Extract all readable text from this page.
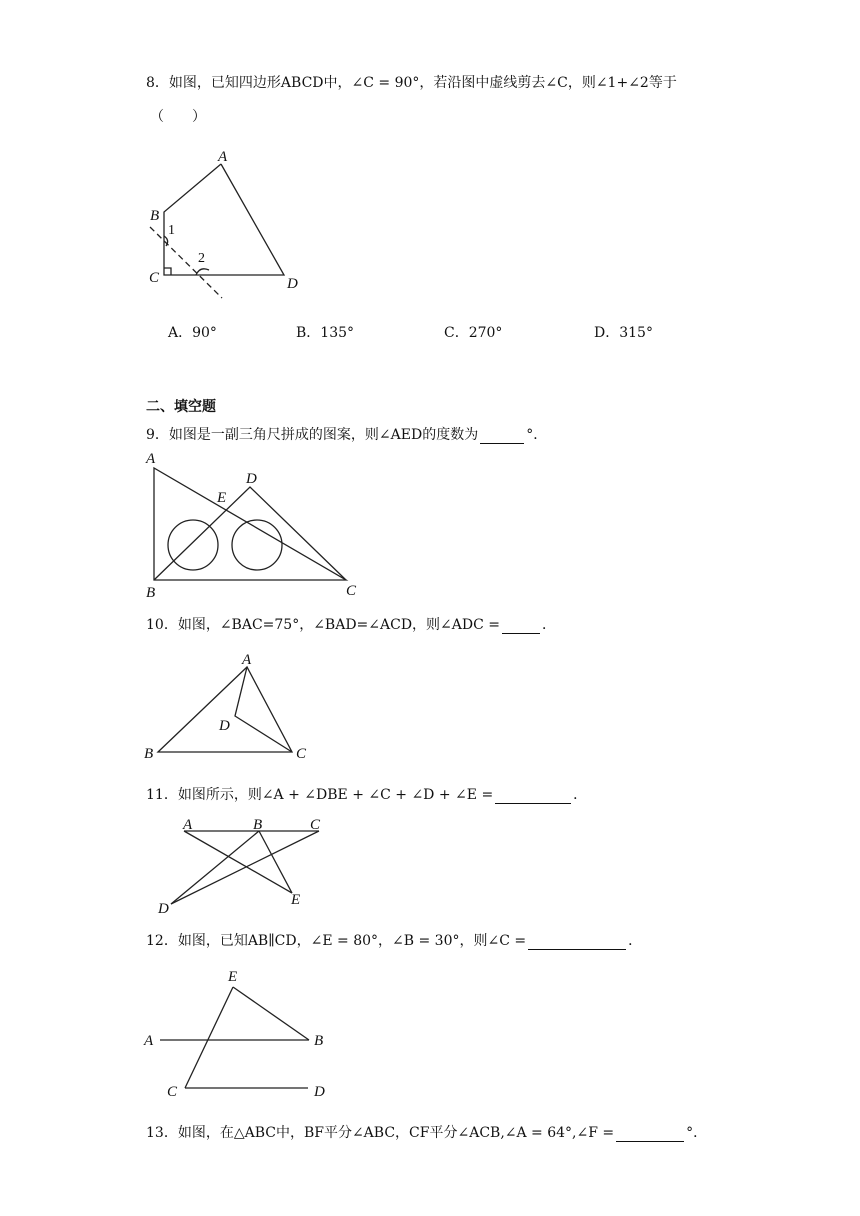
8．如图，已知四边形ABCD中，∠C = 90°，若沿图中虚线剪去∠C，则∠1+∠2等于
（　　）
A
B
C	D
1
2
A．90°	B．135°	C．270°	D．315°
二、填空题
9．如图是一副三角尺拼成的图案，则∠AED的度数为	°．
A
B	C
D
E
10．如图，∠BAC=75°，∠BAD=∠ACD，则∠ADC =	．
A
B	C
D
11．如图所示，则∠A + ∠DBE + ∠C + ∠D + ∠E =	．
A	B	C
D
E
12．如图，已知AB∥CD，∠E = 80°，∠B = 30°，则∠C =	．
E
A	B
C	D
13．如图，在△ABC中，BF平分∠ABC，CF平分∠ACB,∠A = 64°,∠F =	°．
